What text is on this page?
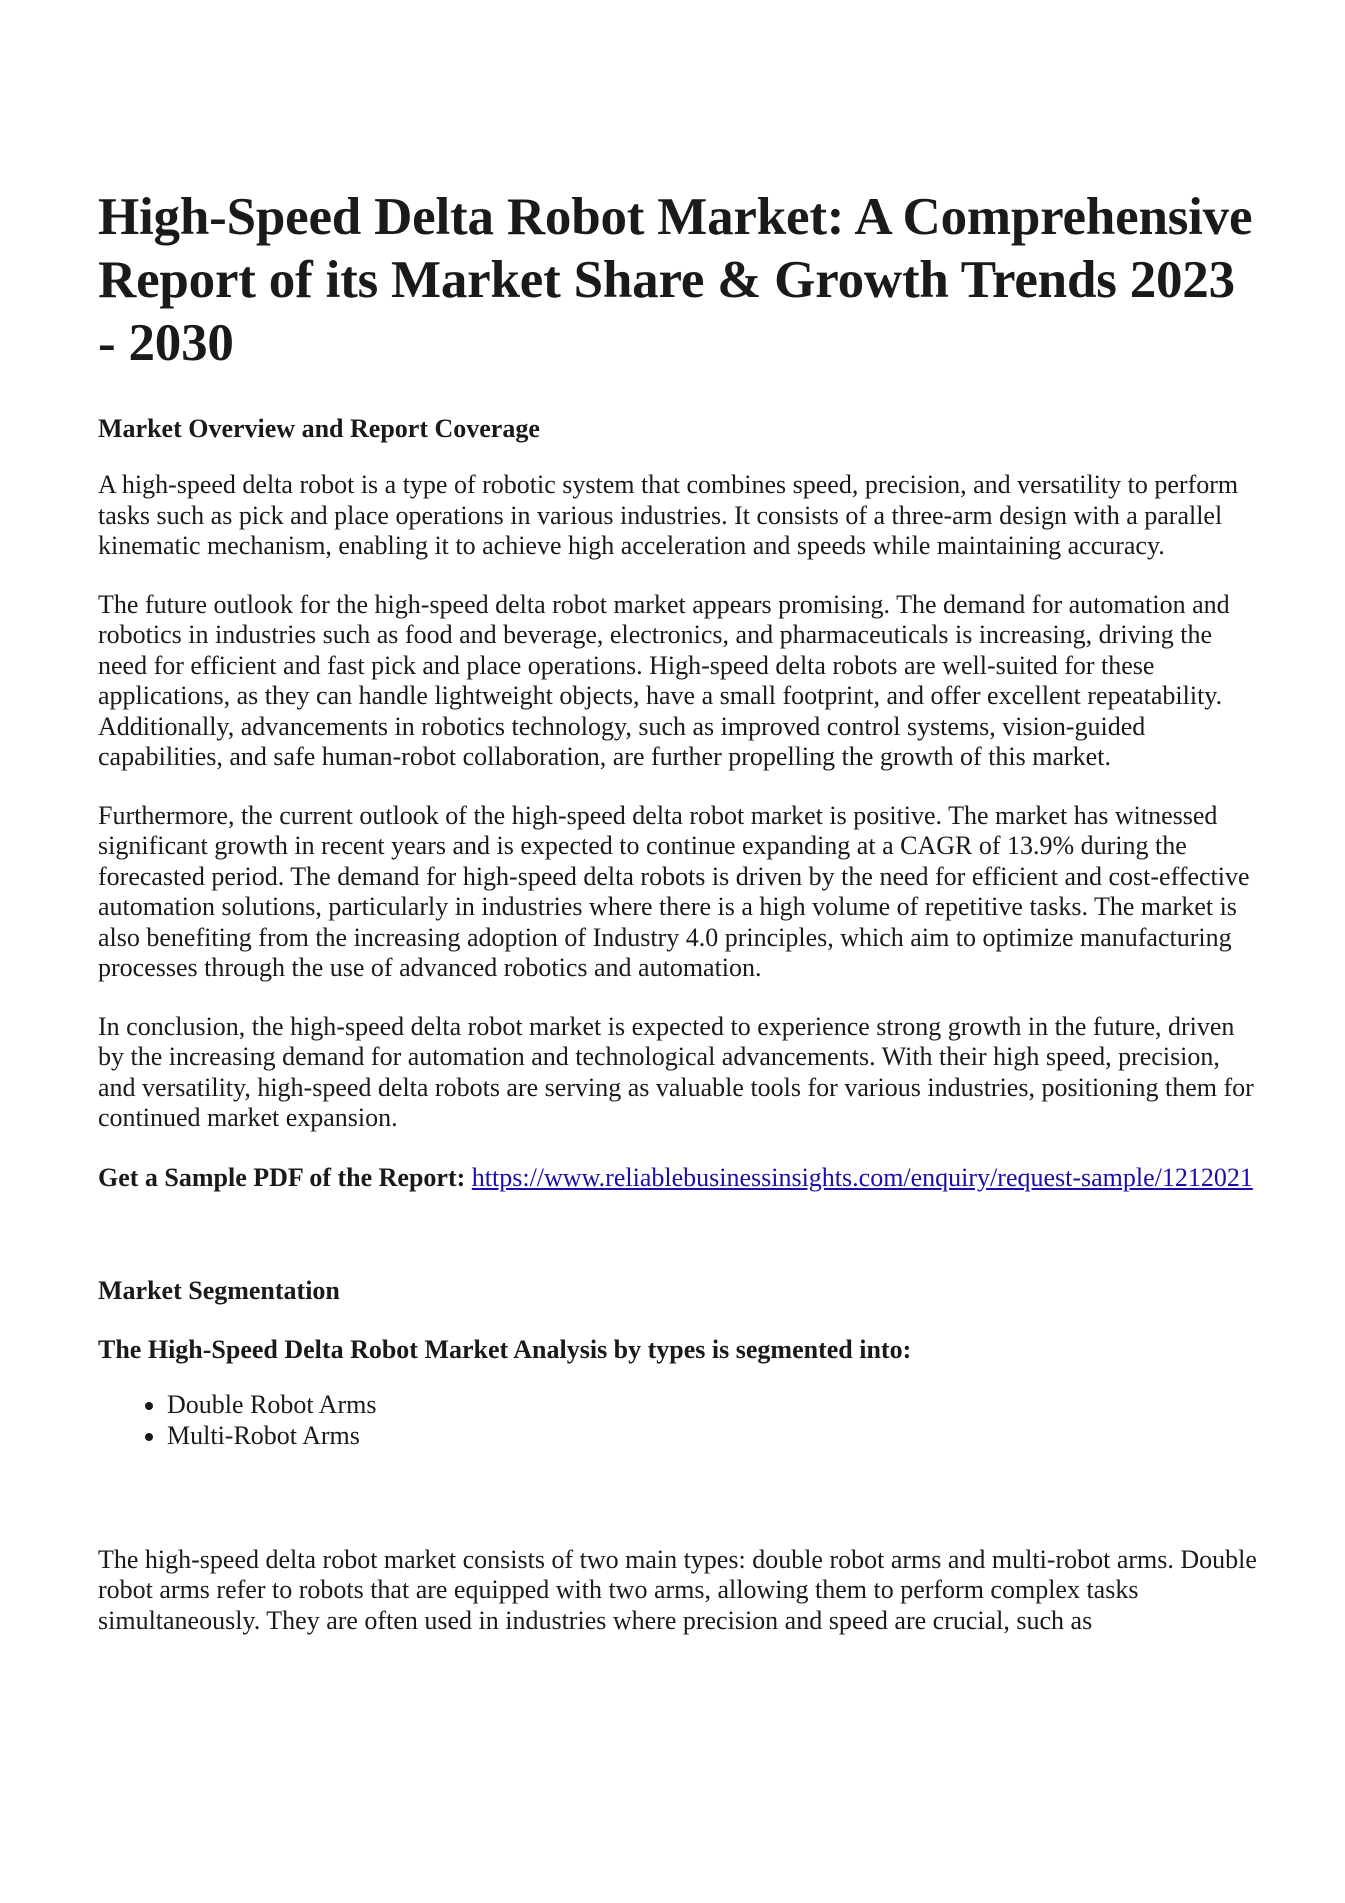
High-Speed Delta Robot Market: A Comprehensive Report of its Market Share & Growth Trends 2023 - 2030
Market Overview and Report Coverage

A high-speed delta robot is a type of robotic system that combines speed, precision, and versatility to perform tasks such as pick and place operations in various industries. It consists of a three-arm design with a parallel kinematic mechanism, enabling it to achieve high acceleration and speeds while maintaining accuracy.

The future outlook for the high-speed delta robot market appears promising. The demand for automation and robotics in industries such as food and beverage, electronics, and pharmaceuticals is increasing, driving the need for efficient and fast pick and place operations. High-speed delta robots are well-suited for these applications, as they can handle lightweight objects, have a small footprint, and offer excellent repeatability. Additionally, advancements in robotics technology, such as improved control systems, vision-guided capabilities, and safe human-robot collaboration, are further propelling the growth of this market.

Furthermore, the current outlook of the high-speed delta robot market is positive. The market has witnessed significant growth in recent years and is expected to continue expanding at a CAGR of 13.9% during the forecasted period. The demand for high-speed delta robots is driven by the need for efficient and cost-effective automation solutions, particularly in industries where there is a high volume of repetitive tasks. The market is also benefiting from the increasing adoption of Industry 4.0 principles, which aim to optimize manufacturing processes through the use of advanced robotics and automation.

In conclusion, the high-speed delta robot market is expected to experience strong growth in the future, driven by the increasing demand for automation and technological advancements. With their high speed, precision, and versatility, high-speed delta robots are serving as valuable tools for various industries, positioning them for continued market expansion.

Get a Sample PDF of the Report: https://www.reliablebusinessinsights.com/enquiry/request-sample/1212021

Market Segmentation
The High-Speed Delta Robot Market Analysis by types is segmented into:
• Double Robot Arms
• Multi-Robot Arms

The high-speed delta robot market consists of two main types: double robot arms and multi-robot arms. Double robot arms refer to robots that are equipped with two arms, allowing them to perform complex tasks simultaneously. They are often used in industries where precision and speed are crucial, such as
